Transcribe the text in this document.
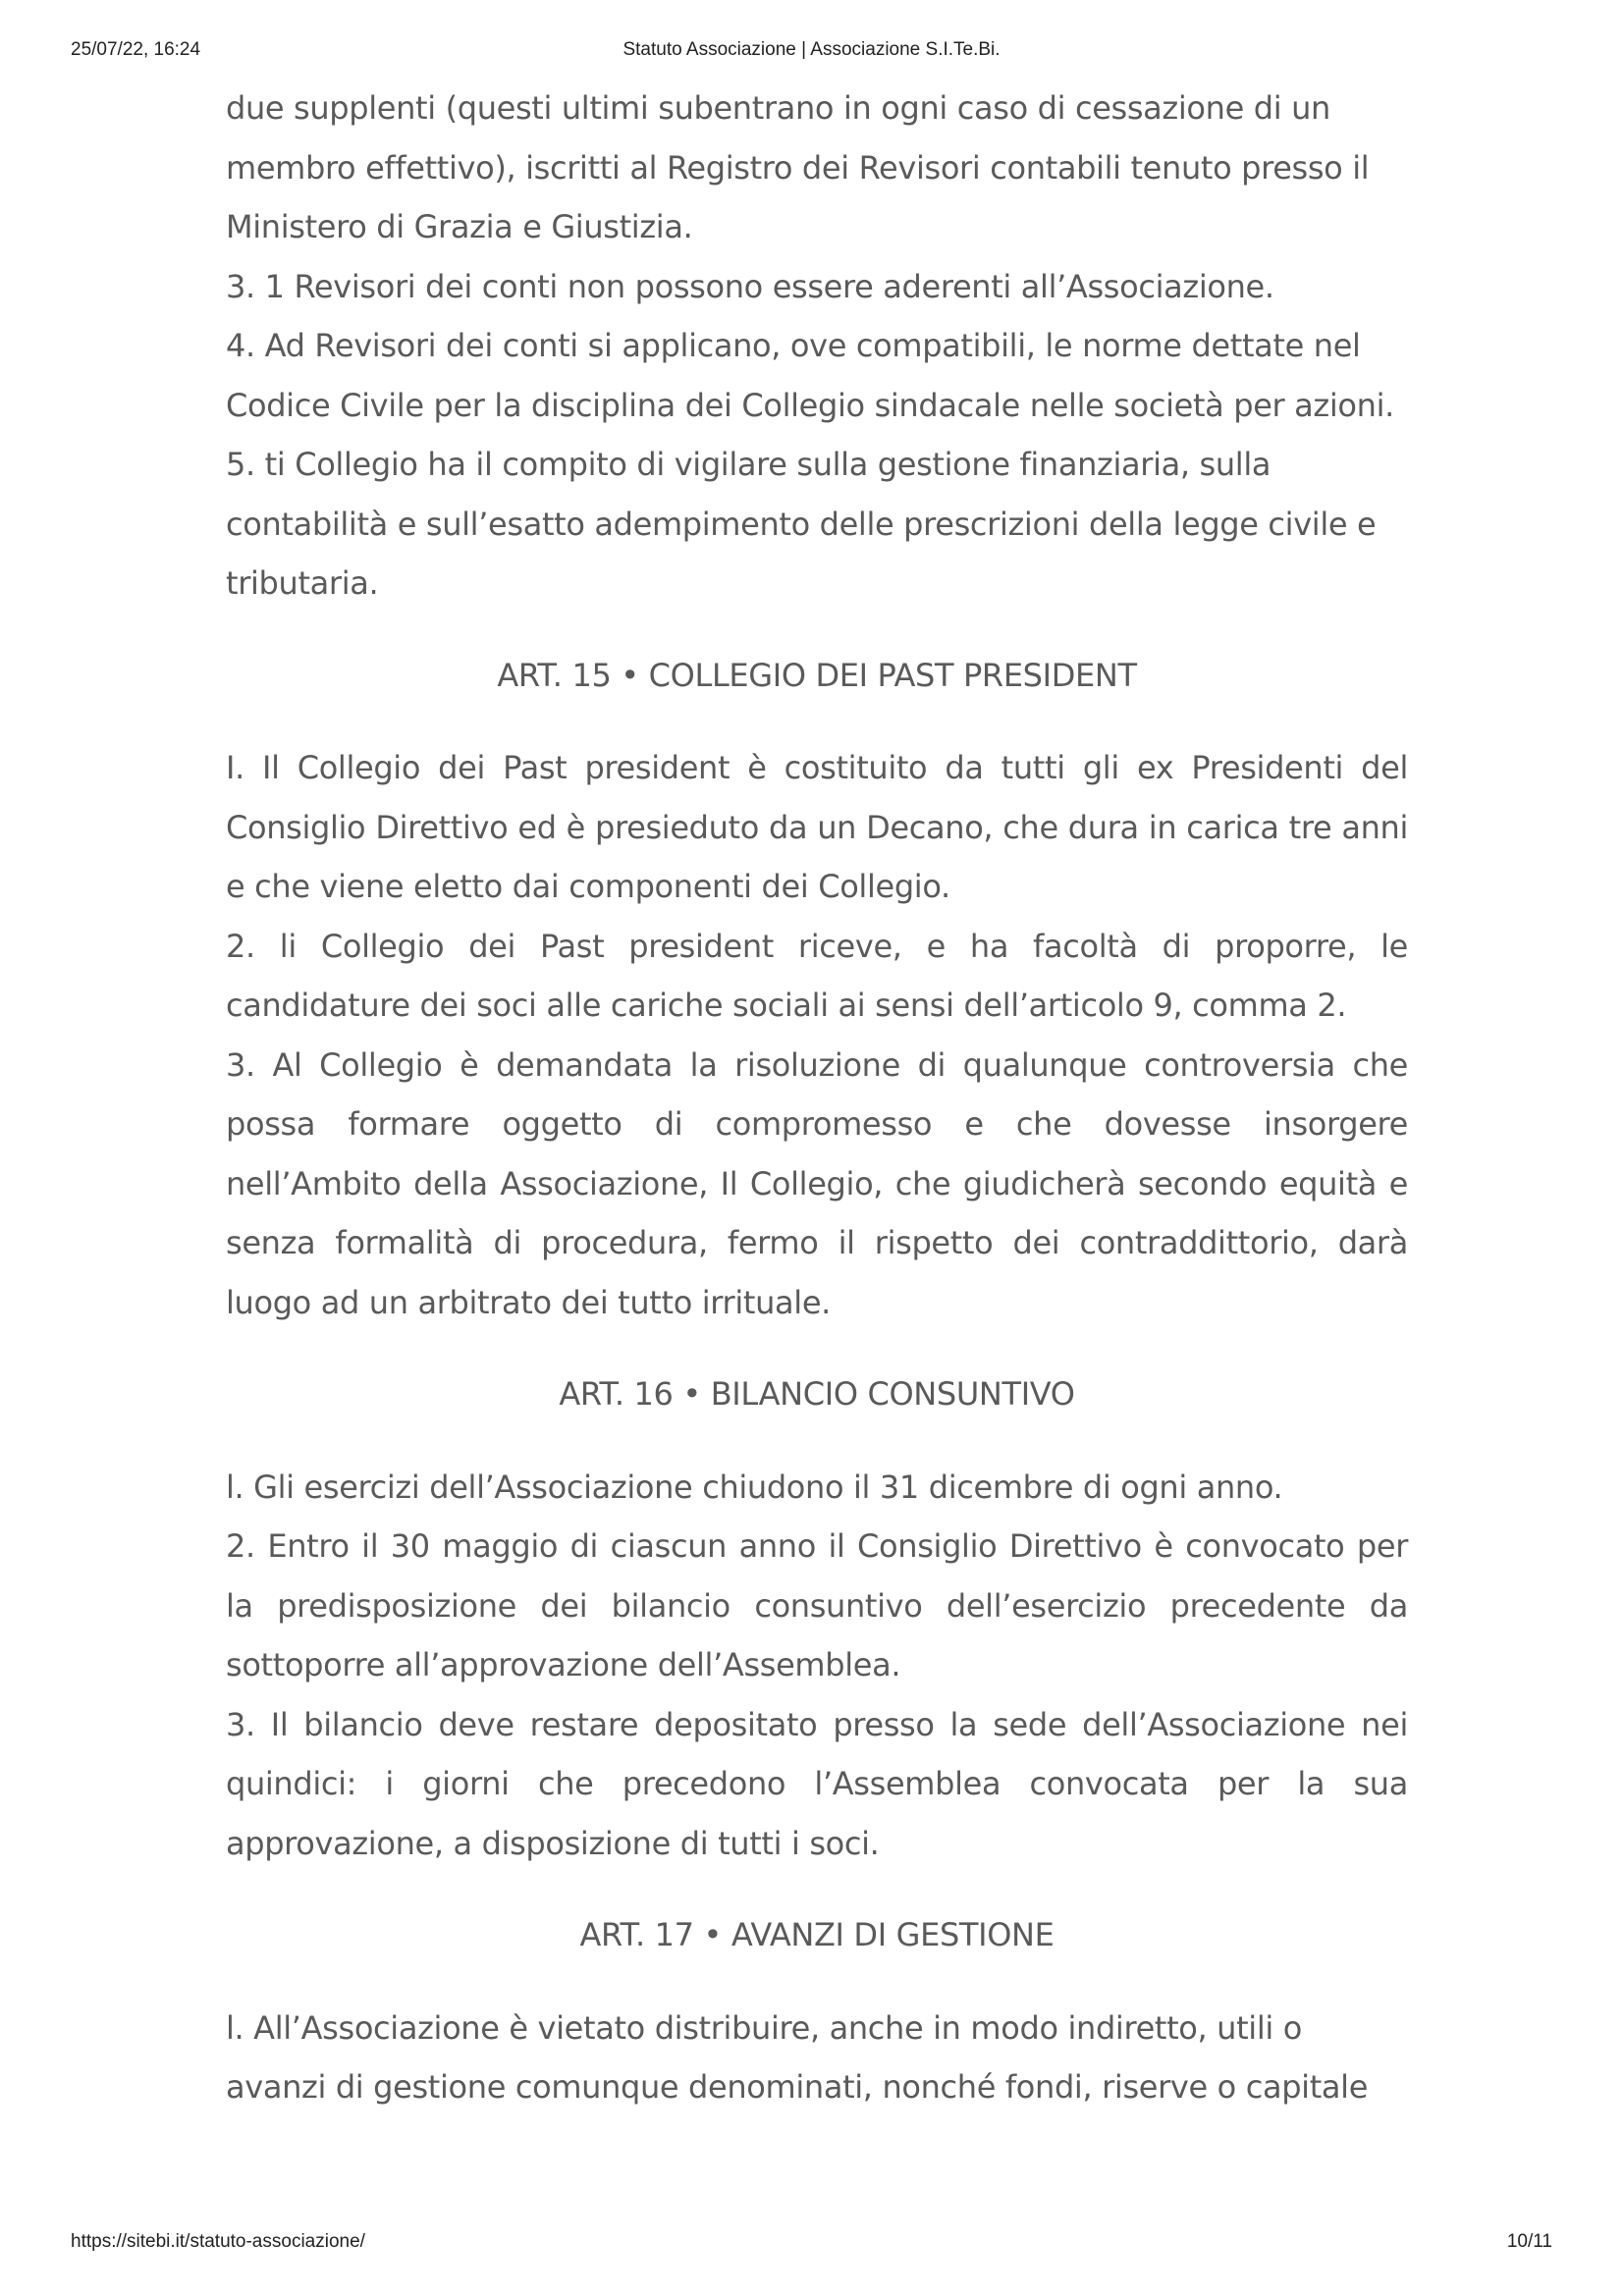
25/07/22, 16:24	Statuto Associazione | Associazione S.I.Te.Bi.

due supplenti (questi ultimi subentrano in ogni caso di cessazione di un membro effettivo), iscritti al Registro dei Revisori contabili tenuto presso il Ministero di Grazia e Giustizia.

3. 1 Revisori dei conti non possono essere aderenti all’Associazione.

4. Ad Revisori dei conti si applicano, ove compatibili, le norme dettate nel Codice Civile per la disciplina dei Collegio sindacale nelle società per azioni.

5. ti Collegio ha il compito di vigilare sulla gestione finanziaria, sulla contabilità e sull’esatto adempimento delle prescrizioni della legge civile e tributaria.

ART. 15 • COLLEGIO DEI PAST PRESIDENT

I. Il Collegio dei Past president è costituito da tutti gli ex Presidenti del Consiglio Direttivo ed è presieduto da un Decano, che dura in carica tre anni e che viene eletto dai componenti dei Collegio.

2. li Collegio dei Past president riceve, e ha facoltà di proporre, le candidature dei soci alle cariche sociali ai sensi dell’articolo 9, comma 2.

3. Al Collegio è demandata la risoluzione di qualunque controversia che possa formare oggetto di compromesso e che dovesse insorgere nell’Ambito della Associazione, Il Collegio, che giudicherà secondo equità e senza formalità di procedura, fermo il rispetto dei contraddittorio, darà luogo ad un arbitrato dei tutto irrituale.

ART. 16 • BILANCIO CONSUNTIVO

l. Gli esercizi dell’Associazione chiudono il 31 dicembre di ogni anno.

2. Entro il 30 maggio di ciascun anno il Consiglio Direttivo è convocato per la predisposizione dei bilancio consuntivo dell’esercizio precedente da sottoporre all’approvazione dell’Assemblea.

3. Il bilancio deve restare depositato presso la sede dell’Associazione nei quindici: i giorni che precedono l’Assemblea convocata per la sua approvazione, a disposizione di tutti i soci.

ART. 17 • AVANZI DI GESTIONE

l. All’Associazione è vietato distribuire, anche in modo indiretto, utili o avanzi di gestione comunque denominati, nonché fondi, riserve o capitale

https://sitebi.it/statuto-associazione/	10/11
